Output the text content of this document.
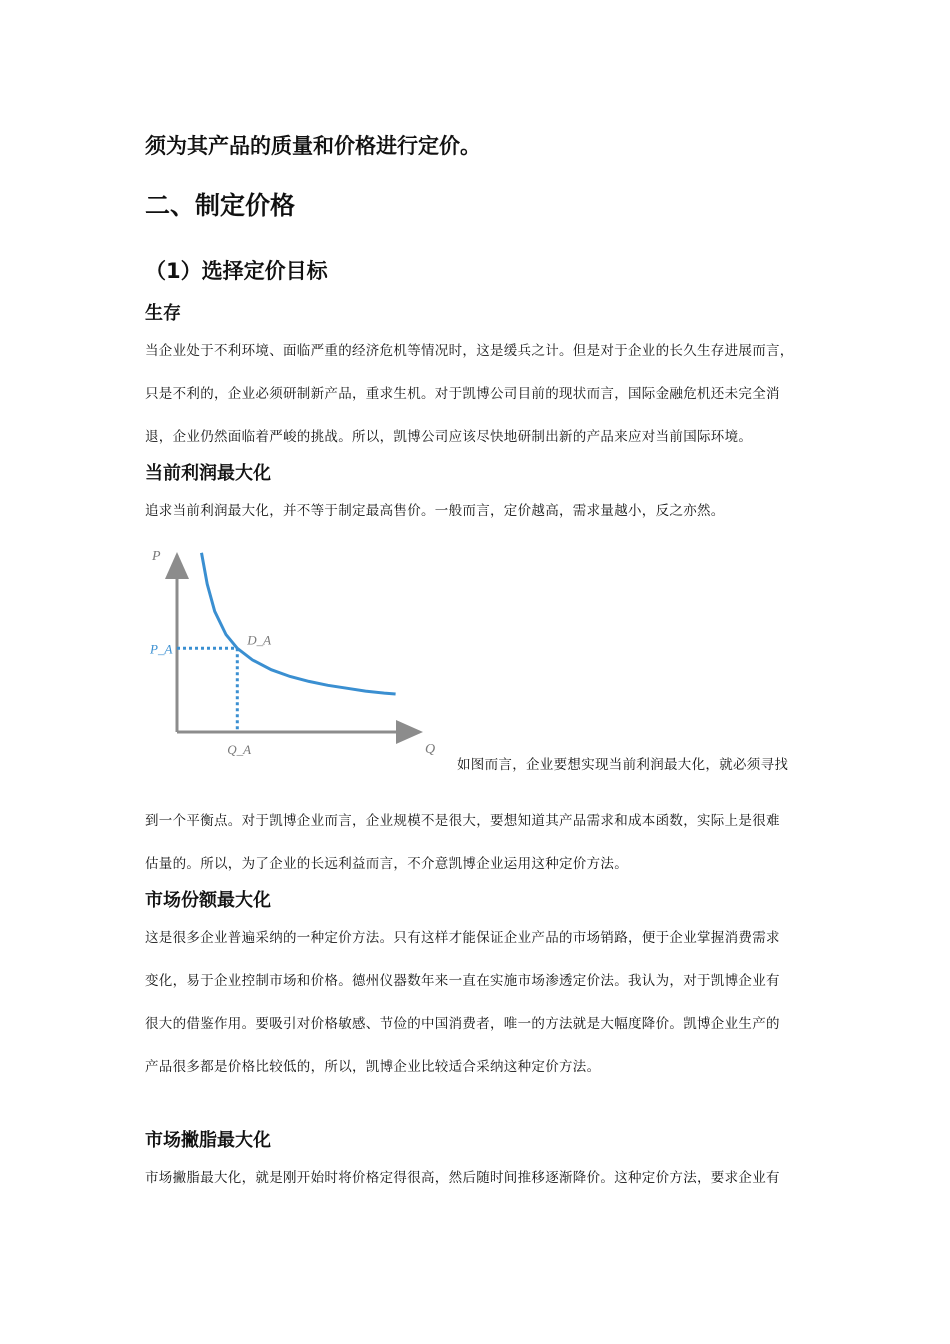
须为其产品的质量和价格进行定价。
二、制定价格
（1）选择定价目标
生存
当企业处于不利环境、面临严重的经济危机等情况时，这是缓兵之计。但是对于企业的长久生存进展而言，
只是不利的，企业必须研制新产品，重求生机。对于凯博公司目前的现状而言，国际金融危机还未完全消
退，企业仍然面临着严峻的挑战。所以，凯博公司应该尽快地研制出新的产品来应对当前国际环境。
当前利润最大化
追求当前利润最大化，并不等于制定最高售价。一般而言，定价越高，需求量越小，反之亦然。
P
Q
P_A
Q_A
D_A
如图而言，企业要想实现当前利润最大化，就必须寻找
到一个平衡点。对于凯博企业而言，企业规模不是很大，要想知道其产品需求和成本函数，实际上是很难
估量的。所以，为了企业的长远利益而言，不介意凯博企业运用这种定价方法。
市场份额最大化
这是很多企业普遍采纳的一种定价方法。只有这样才能保证企业产品的市场销路，便于企业掌握消费需求
变化，易于企业控制市场和价格。德州仪器数年来一直在实施市场渗透定价法。我认为，对于凯博企业有
很大的借鉴作用。要吸引对价格敏感、节俭的中国消费者，唯一的方法就是大幅度降价。凯博企业生产的
产品很多都是价格比较低的，所以，凯博企业比较适合采纳这种定价方法。
市场撇脂最大化
市场撇脂最大化，就是刚开始时将价格定得很高，然后随时间推移逐渐降价。这种定价方法，要求企业有
